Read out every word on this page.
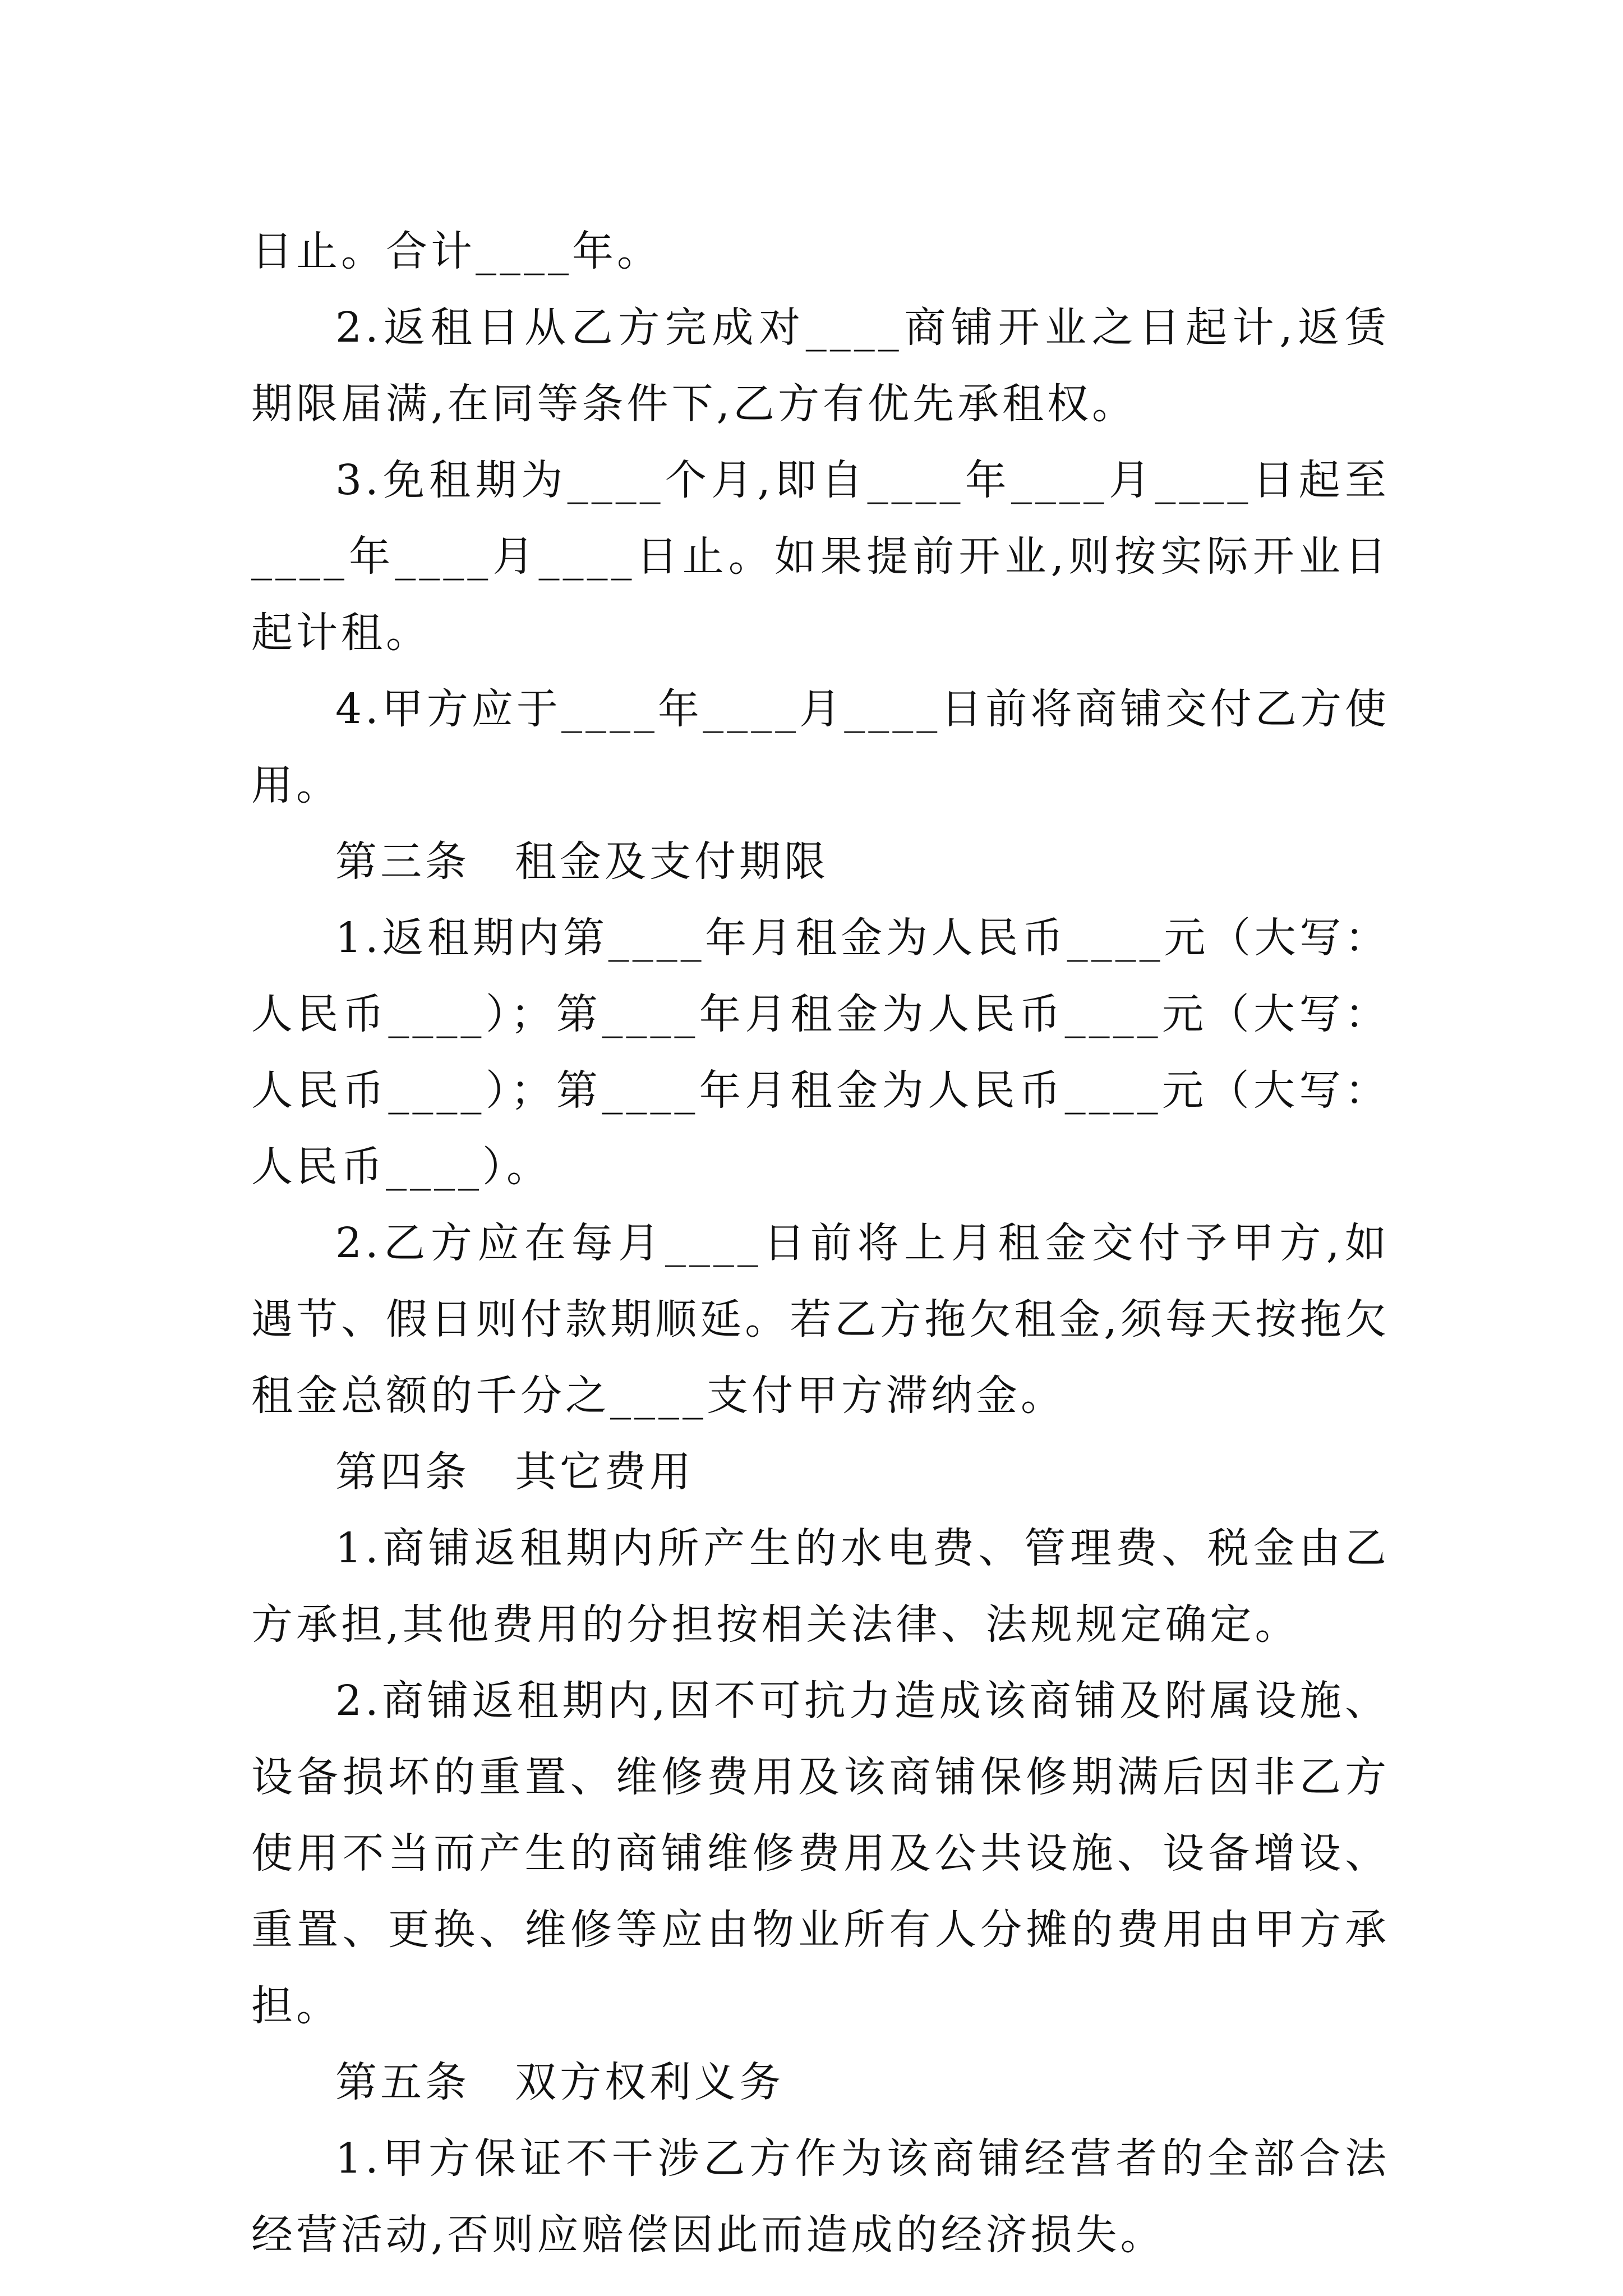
日止。合计____年。

2.返租日从乙方完成对____商铺开业之日起计,返赁期限届满,在同等条件下,乙方有优先承租权。

3.免租期为____个月,即自____年____月____日起至____年____月____日止。如果提前开业,则按实际开业日起计租。

4.甲方应于____年____月____日前将商铺交付乙方使用。

第三条　租金及支付期限

1.返租期内第____年月租金为人民币____元（大写：人民币____）；第____年月租金为人民币____元（大写：人民币____）；第____年月租金为人民币____元（大写：人民币____）。

2.乙方应在每月____日前将上月租金交付予甲方,如遇节、假日则付款期顺延。若乙方拖欠租金,须每天按拖欠租金总额的千分之____支付甲方滞纳金。

第四条　其它费用

1.商铺返租期内所产生的水电费、管理费、税金由乙方承担,其他费用的分担按相关法律、法规规定确定。

2.商铺返租期内,因不可抗力造成该商铺及附属设施、设备损坏的重置、维修费用及该商铺保修期满后因非乙方使用不当而产生的商铺维修费用及公共设施、设备增设、重置、更换、维修等应由物业所有人分摊的费用由甲方承担。

第五条　双方权利义务

1.甲方保证不干涉乙方作为该商铺经营者的全部合法经营活动,否则应赔偿因此而造成的经济损失。
